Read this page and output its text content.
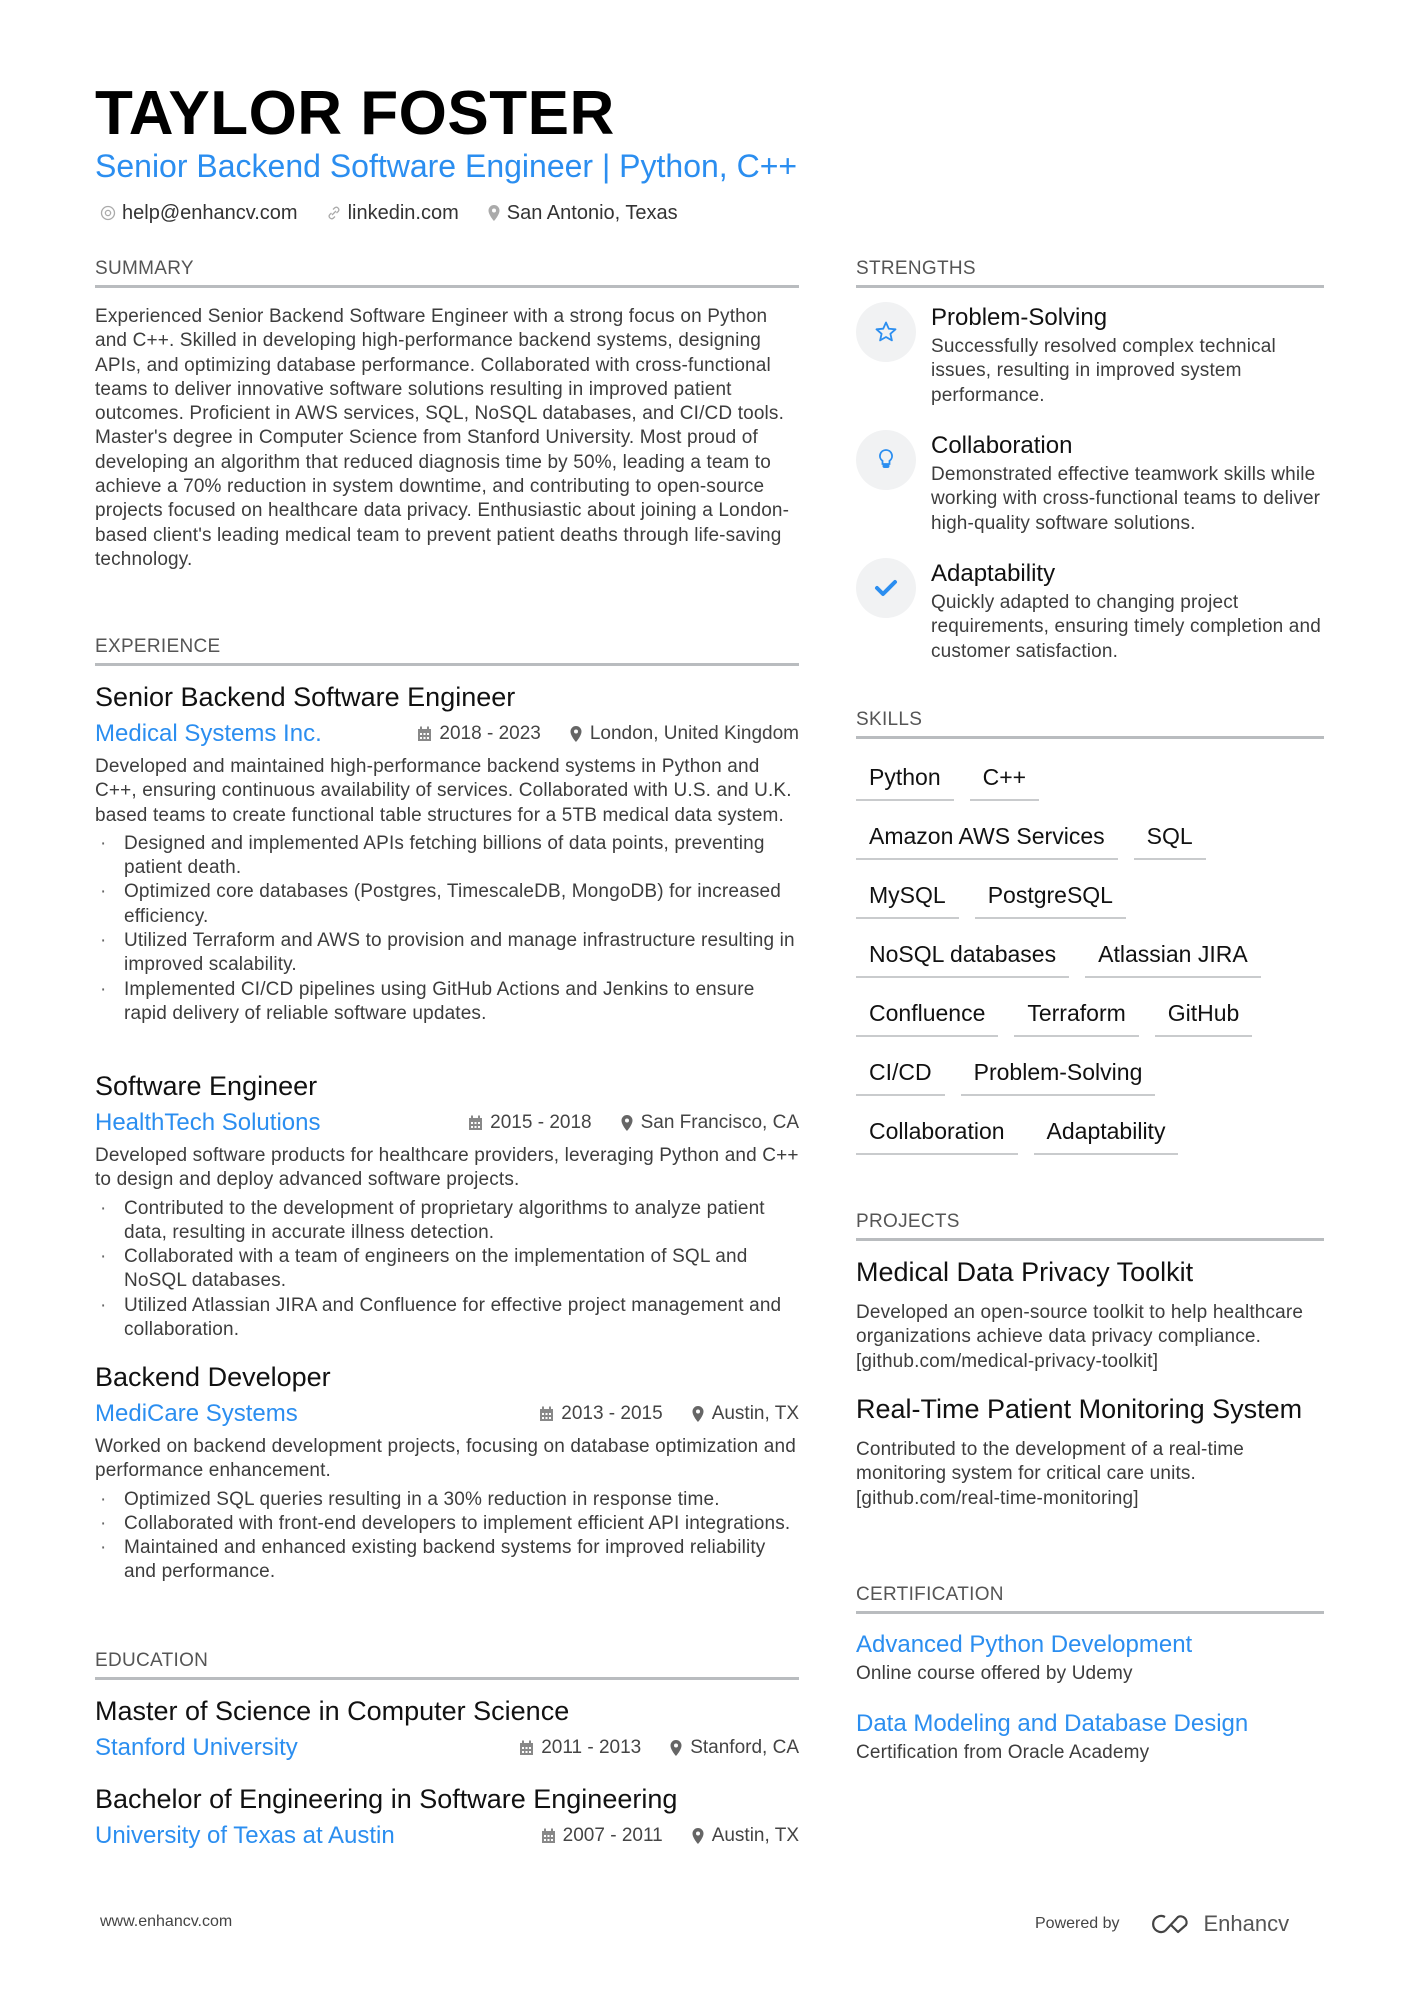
TAYLOR FOSTER
Senior Backend Software Engineer | Python, C++
help@enhancv.com	linkedin.com San Antonio, Texas
SUMMARY
Experienced Senior Backend Software Engineer with a strong focus on Python and C++. Skilled in developing high-performance backend systems, designing APIs, and optimizing database performance. Collaborated with cross-functional teams to deliver innovative software solutions resulting in improved patient outcomes. Proficient in AWS services, SQL, NoSQL databases, and CI/CD tools. Master's degree in Computer Science from Stanford University. Most proud of developing an algorithm that reduced diagnosis time by 50%, leading a team to achieve a 70% reduction in system downtime, and contributing to open-source projects focused on healthcare data privacy. Enthusiastic about joining a London-based client's leading medical team to prevent patient deaths through life-saving technology.
EXPERIENCE
Senior Backend Software Engineer
Medical Systems Inc.	2018 - 2023	London, United Kingdom
Developed and maintained high-performance backend systems in Python and C++, ensuring continuous availability of services. Collaborated with U.S. and U.K. based teams to create functional table structures for a 5TB medical data system.
· Designed and implemented APIs fetching billions of data points, preventing patient death.
· Optimized core databases (Postgres, TimescaleDB, MongoDB) for increased efficiency.
· Utilized Terraform and AWS to provision and manage infrastructure resulting in improved scalability.
· Implemented CI/CD pipelines using GitHub Actions and Jenkins to ensure rapid delivery of reliable software updates.
Software Engineer
HealthTech Solutions	2015 - 2018	San Francisco, CA
Developed software products for healthcare providers, leveraging Python and C++ to design and deploy advanced software projects.
· Contributed to the development of proprietary algorithms to analyze patient data, resulting in accurate illness detection.
· Collaborated with a team of engineers on the implementation of SQL and NoSQL databases.
· Utilized Atlassian JIRA and Confluence for effective project management and collaboration.
Backend Developer
MediCare Systems	2013 - 2015	Austin, TX
Worked on backend development projects, focusing on database optimization and performance enhancement.
· Optimized SQL queries resulting in a 30% reduction in response time.
· Collaborated with front-end developers to implement efficient API integrations.
· Maintained and enhanced existing backend systems for improved reliability and performance.
EDUCATION
Master of Science in Computer Science
Stanford University	2011 - 2013	Stanford, CA
Bachelor of Engineering in Software Engineering
University of Texas at Austin	2007 - 2011	Austin, TX
STRENGTHS
Problem-Solving
Successfully resolved complex technical issues, resulting in improved system performance.
Collaboration
Demonstrated effective teamwork skills while working with cross-functional teams to deliver high-quality software solutions.
Adaptability
Quickly adapted to changing project requirements, ensuring timely completion and customer satisfaction.
SKILLS
Python	C++
Amazon AWS Services	SQL
MySQL	PostgreSQL
NoSQL databases	Atlassian JIRA
Confluence	Terraform	GitHub
CI/CD	Problem-Solving
Collaboration	Adaptability
PROJECTS
Medical Data Privacy Toolkit
Developed an open-source toolkit to help healthcare organizations achieve data privacy compliance. [github.com/medical-privacy-toolkit]
Real-Time Patient Monitoring System
Contributed to the development of a real-time monitoring system for critical care units. [github.com/real-time-monitoring]
CERTIFICATION
Advanced Python Development
Online course offered by Udemy
Data Modeling and Database Design
Certification from Oracle Academy
www.enhancv.com	Powered by	Enhancv
